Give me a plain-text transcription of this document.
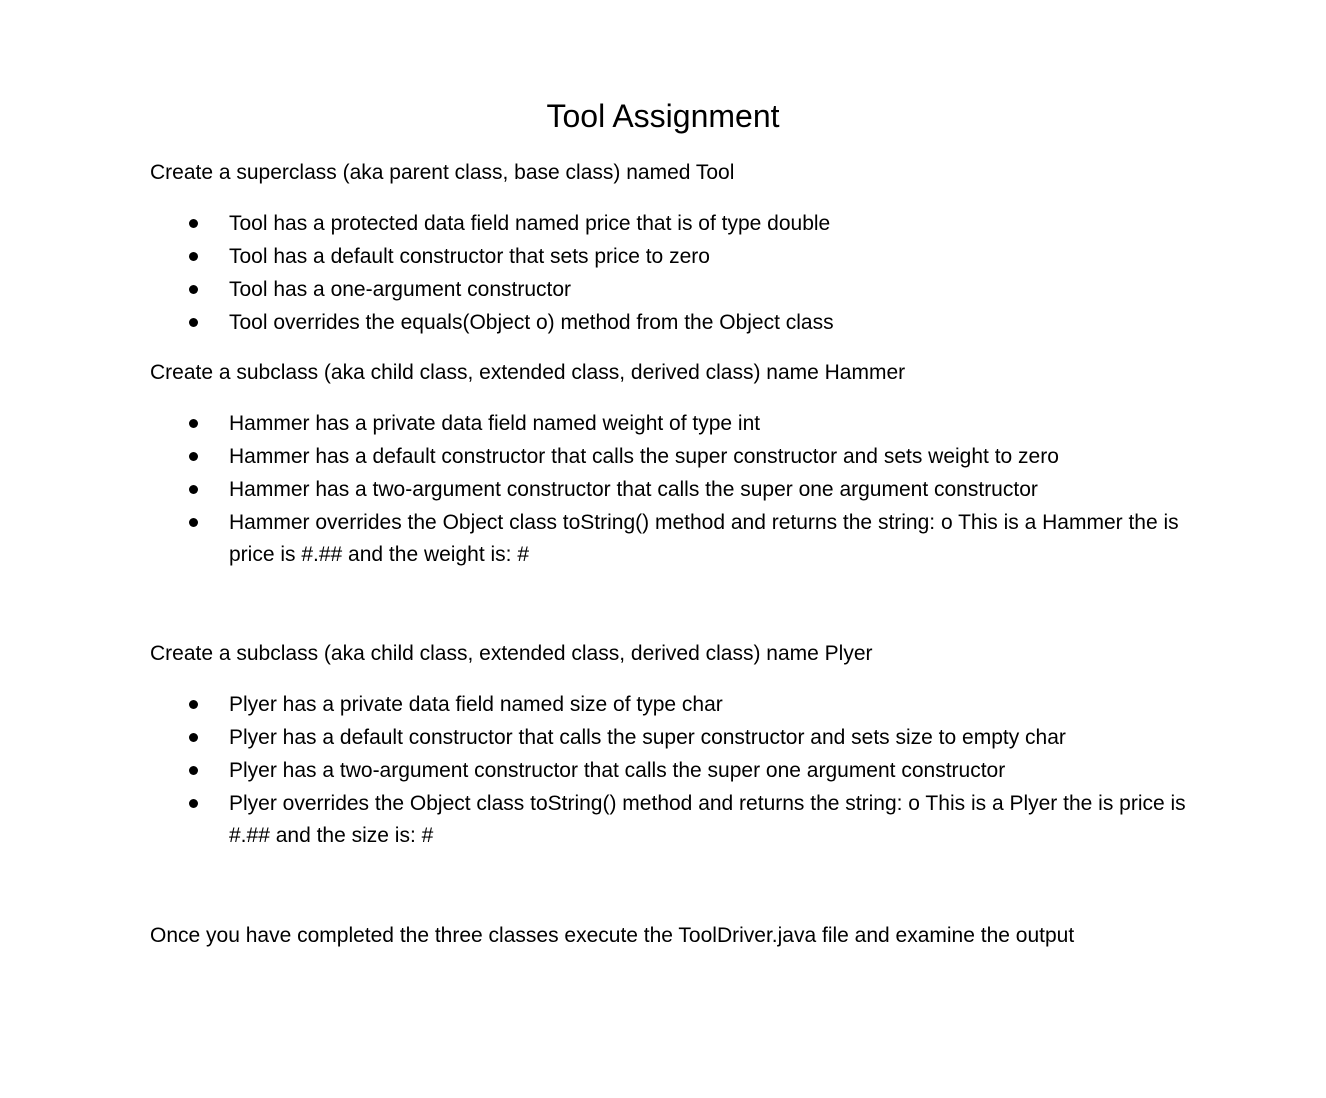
Tool Assignment

Create a superclass (aka parent class, base class) named Tool

Tool has a protected data field named price that is of type double
Tool has a default constructor that sets price to zero
Tool has a one-argument constructor
Tool overrides the equals(Object o) method from the Object class

Create a subclass (aka child class, extended class, derived class) name Hammer

Hammer has a private data field named weight of type int
Hammer has a default constructor that calls the super constructor and sets weight to zero
Hammer has a two-argument constructor that calls the super one argument constructor
Hammer overrides the Object class toString() method and returns the string: o This is a Hammer the is price is #.## and the weight is: #

Create a subclass (aka child class, extended class, derived class) name Plyer

Plyer has a private data field named size of type char
Plyer has a default constructor that calls the super constructor and sets size to empty char
Plyer has a two-argument constructor that calls the super one argument constructor
Plyer overrides the Object class toString() method and returns the string: o This is a Plyer the is price is #.## and the size is: #

Once you have completed the three classes execute the ToolDriver.java file and examine the output
